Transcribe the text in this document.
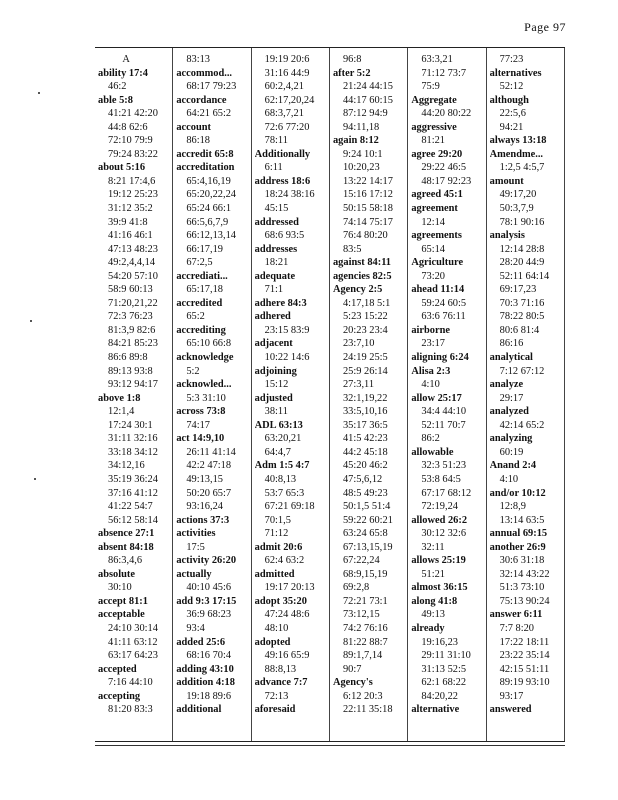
Page 97
A
ability 17:4
46:2
able 5:8
41:21 42:20
44:8 62:6
72:10 79:9
79:24 83:22
about 5:16
8:21 17:4,6
19:12 25:23
31:12 35:2
39:9 41:8
41:16 46:1
47:13 48:23
49:2,4,4,14
54:20 57:10
58:9 60:13
71:20,21,22
72:3 76:23
81:3,9 82:6
84:21 85:23
86:6 89:8
89:13 93:8
93:12 94:17
above 1:8
12:1,4
17:24 30:1
31:11 32:16
33:18 34:12
34:12,16
35:19 36:24
37:16 41:12
41:22 54:7
56:12 58:14
absence 27:1
absent 84:18
86:3,4,6
absolute
30:10
accept 81:1
acceptable
24:10 30:14
41:11 63:12
63:17 64:23
accepted
7:16 44:10
accepting
81:20 83:3
83:13
accommod...
68:17 79:23
accordance
64:21 65:2
account
86:18
accredit 65:8
accreditation
65:4,16,19
65:20,22,24
65:24 66:1
66:5,6,7,9
66:12,13,14
66:17,19
67:2,5
accrediati...
65:17,18
accredited
65:2
accrediting
65:10 66:8
acknowledge
5:2
acknowled...
5:3 31:10
across 73:8
74:17
act 14:9,10
26:11 41:14
42:2 47:18
49:13,15
50:20 65:7
93:16,24
actions 37:3
activities
17:5
activity 26:20
actually
40:10 45:6
add 9:3 17:15
36:9 68:23
93:4
added 25:6
68:16 70:4
adding 43:10
addition 4:18
19:18 89:6
additional
19:19 20:6
31:16 44:9
60:2,4,21
62:17,20,24
68:3,7,21
72:6 77:20
78:11
Additionally
6:11
address 18:6
18:24 38:16
45:15
addressed
68:6 93:5
addresses
18:21
adequate
71:1
adhere 84:3
adhered
23:15 83:9
adjacent
10:22 14:6
adjoining
15:12
adjusted
38:11
ADL 63:13
63:20,21
64:4,7
Adm 1:5 4:7
40:8,13
53:7 65:3
67:21 69:18
70:1,5
71:12
admit 20:6
62:4 63:2
admitted
19:17 20:13
adopt 35:20
47:24 48:6
48:10
adopted
49:16 65:9
88:8,13
advance 7:7
72:13
aforesaid
96:8
after 5:2
21:24 44:15
44:17 60:15
87:12 94:9
94:11,18
again 8:12
9:24 10:1
10:20,23
13:22 14:17
15:16 17:12
50:15 58:18
74:14 75:17
76:4 80:20
83:5
against 84:11
agencies 82:5
Agency 2:5
4:17,18 5:1
5:23 15:22
20:23 23:4
23:7,10
24:19 25:5
25:9 26:14
27:3,11
32:1,19,22
33:5,10,16
35:17 36:5
41:5 42:23
44:2 45:18
45:20 46:2
47:5,6,12
48:5 49:23
50:1,5 51:4
59:22 60:21
63:24 65:8
67:13,15,19
67:22,24
68:9,15,19
69:2,8
72:21 73:1
73:12,15
74:2 76:16
81:22 88:7
89:1,7,14
90:7
Agency's
6:12 20:3
22:11 35:18
63:3,21
71:12 73:7
75:9
Aggregate
44:20 80:22
aggressive
81:21
agree 29:20
29:22 46:5
48:17 92:23
agreed 45:1
agreement
12:14
agreements
65:14
Agriculture
73:20
ahead 11:14
59:24 60:5
63:6 76:11
airborne
23:17
aligning 6:24
Alisa 2:3
4:10
allow 25:17
34:4 44:10
52:11 70:7
86:2
allowable
32:3 51:23
53:8 64:5
67:17 68:12
72:19,24
allowed 26:2
30:12 32:6
32:11
allows 25:19
51:21
almost 36:15
along 41:8
49:13
already
19:16,23
29:11 31:10
31:13 52:5
62:1 68:22
84:20,22
alternative
77:23
alternatives
52:12
although
22:5,6
94:21
always 13:18
Amendme...
1:2,5 4:5,7
amount
49:17,20
50:3,7,9
78:1 90:16
analysis
12:14 28:8
28:20 44:9
52:11 64:14
69:17,23
70:3 71:16
78:22 80:5
80:6 81:4
86:16
analytical
7:12 67:12
analyze
29:17
analyzed
42:14 65:2
analyzing
60:19
Anand 2:4
4:10
and/or 10:12
12:8,9
13:14 63:5
annual 69:15
another 26:9
30:6 31:18
32:14 43:22
51:3 73:10
75:13 90:24
answer 6:11
7:7 8:20
17:22 18:11
23:22 35:14
42:15 51:11
89:19 93:10
93:17
answered
